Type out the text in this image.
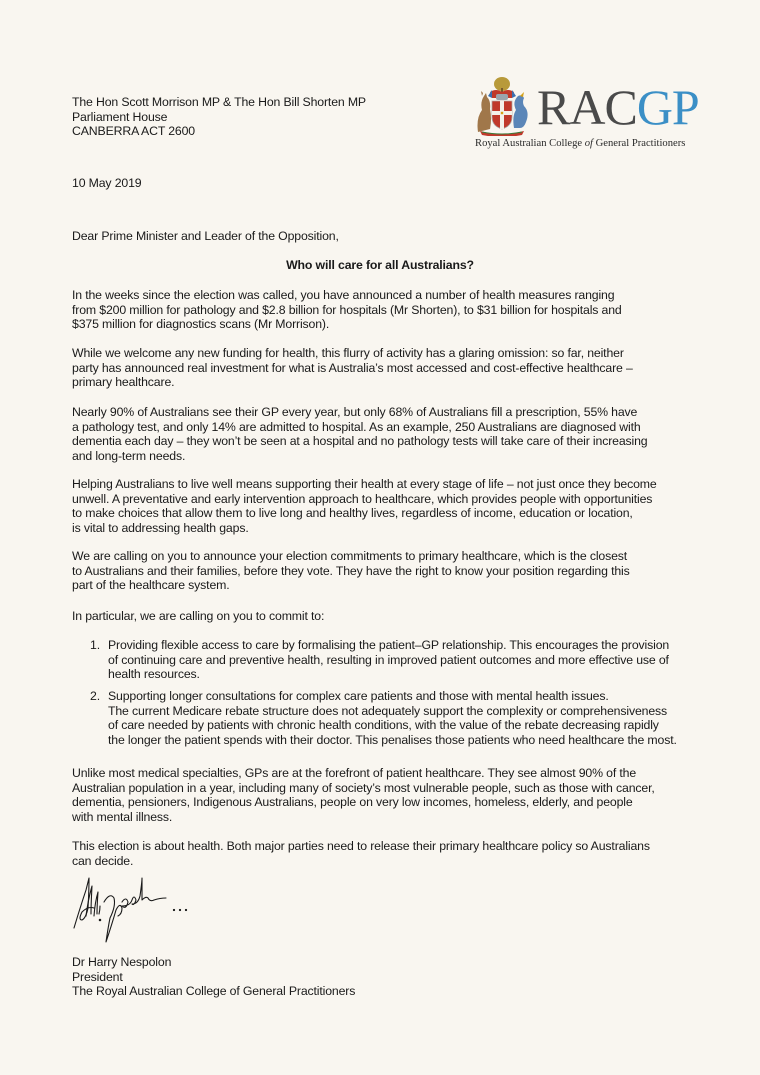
RACGP
Royal Australian College of General Practitioners
The Hon Scott Morrison MP & The Hon Bill Shorten MP
Parliament House
CANBERRA ACT 2600
10 May 2019
Dear Prime Minister and Leader of the Opposition,
Who will care for all Australians?
In the weeks since the election was called, you have announced a number of health measures ranging
from $200 million for pathology and $2.8 billion for hospitals (Mr Shorten), to $31 billion for hospitals and
$375 million for diagnostics scans (Mr Morrison).
While we welcome any new funding for health, this flurry of activity has a glaring omission: so far, neither
party has announced real investment for what is Australia’s most accessed and cost-effective healthcare –
primary healthcare.
Nearly 90% of Australians see their GP every year, but only 68% of Australians fill a prescription, 55% have
a pathology test, and only 14% are admitted to hospital. As an example, 250 Australians are diagnosed with
dementia each day – they won’t be seen at a hospital and no pathology tests will take care of their increasing
and long-term needs.
Helping Australians to live well means supporting their health at every stage of life – not just once they become
unwell. A preventative and early intervention approach to healthcare, which provides people with opportunities
to make choices that allow them to live long and healthy lives, regardless of income, education or location,
is vital to addressing health gaps.
We are calling on you to announce your election commitments to primary healthcare, which is the closest
to Australians and their families, before they vote. They have the right to know your position regarding this
part of the healthcare system.
In particular, we are calling on you to commit to:
1. Providing flexible access to care by formalising the patient–GP relationship. This encourages the provision
of continuing care and preventive health, resulting in improved patient outcomes and more effective use of
health resources.
2. Supporting longer consultations for complex care patients and those with mental health issues.
The current Medicare rebate structure does not adequately support the complexity or comprehensiveness
of care needed by patients with chronic health conditions, with the value of the rebate decreasing rapidly
the longer the patient spends with their doctor. This penalises those patients who need healthcare the most.
Unlike most medical specialties, GPs are at the forefront of patient healthcare. They see almost 90% of the
Australian population in a year, including many of society’s most vulnerable people, such as those with cancer,
dementia, pensioners, Indigenous Australians, people on very low incomes, homeless, elderly, and people
with mental illness.
This election is about health. Both major parties need to release their primary healthcare policy so Australians
can decide.
Dr Harry Nespolon
President
The Royal Australian College of General Practitioners
